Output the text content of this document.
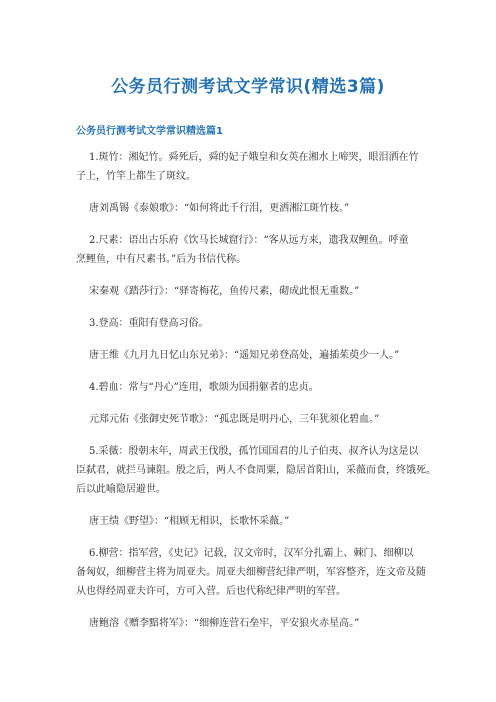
公务员行测考试文学常识(精选3篇)
公务员行测考试文学常识精选篇1
1.斑竹：湘妃竹。舜死后，舜的妃子娥皇和女英在湘水上啼哭，眼泪洒在竹
子上，竹竿上都生了斑纹。
唐刘禹锡《泰娘歌》：“如何将此千行泪，更洒湘江斑竹枝。”
2.尺素：语出古乐府《饮马长城窟行》：“客从远方来，遗我双鲤鱼。呼童
烹鲤鱼，中有尺素书。”后为书信代称。
宋秦观《踏莎行》：“驿寄梅花，鱼传尺素，砌成此恨无重数。”
3.登高：重阳有登高习俗。
唐王维《九月九日忆山东兄弟》：“遥知兄弟登高处，遍插茱萸少一人。”
4.碧血：常与“丹心”连用，歌颂为国捐躯者的忠贞。
元郑元佑《张御史死节歌》：“孤忠既是明丹心，三年犹须化碧血。”
5.采薇：殷朝末年，周武王伐殷，孤竹国国君的儿子伯夷、叔齐认为这是以
臣弑君，就拦马谏阻。殷之后，两人不食周粟，隐居首阳山，采薇而食，终饿死。
后以此喻隐居避世。
唐王绩《野望》：“相顾无相识，长歌怀采薇。”
6.柳营：指军营，《史记》记载，汉文帝时，汉军分扎霸上、棘门、细柳以
备匈奴，细柳营主将为周亚夫。周亚夫细柳营纪律严明，军容整齐，连文帝及随
从也得经周亚夫许可，方可入营。后也代称纪律严明的军营。
唐鲍溶《赠李黯将军》：“细柳连营石垒牢，平安狼火赤星高。”
